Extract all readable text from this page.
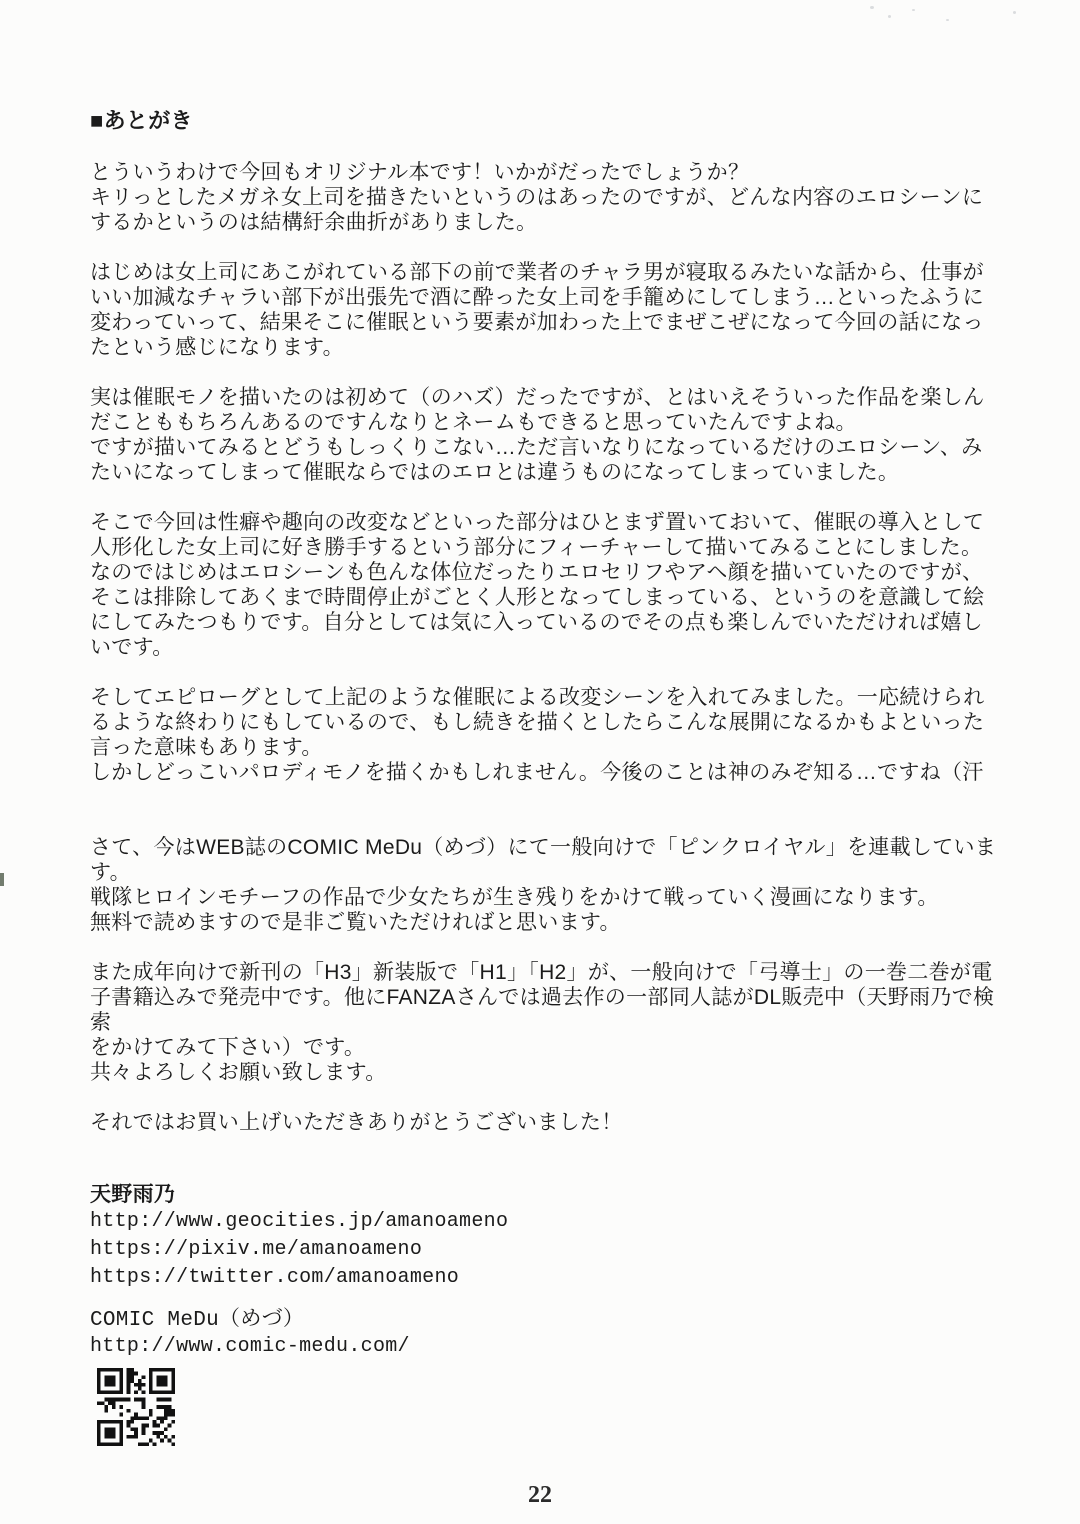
■あとがき
とういうわけで今回もオリジナル本です！いかがだったでしょうか？
キリっとしたメガネ女上司を描きたいというのはあったのですが、どんな内容のエロシーンに
するかというのは結構紆余曲折がありました。
はじめは女上司にあこがれている部下の前で業者のチャラ男が寝取るみたいな話から、仕事が
いい加減なチャラい部下が出張先で酒に酔った女上司を手籠めにしてしまう…といったふうに
変わっていって、結果そこに催眠という要素が加わった上でまぜこぜになって今回の話になっ
たという感じになります。
実は催眠モノを描いたのは初めて（のハズ）だったですが、とはいえそういった作品を楽しん
だことももちろんあるのですんなりとネームもできると思っていたんですよね。
ですが描いてみるとどうもしっくりこない…ただ言いなりになっているだけのエロシーン、み
たいになってしまって催眠ならではのエロとは違うものになってしまっていました。
そこで今回は性癖や趣向の改変などといった部分はひとまず置いておいて、催眠の導入として
人形化した女上司に好き勝手するという部分にフィーチャーして描いてみることにしました。
なのではじめはエロシーンも色んな体位だったりエロセリフやアヘ顔を描いていたのですが、
そこは排除してあくまで時間停止がごとく人形となってしまっている、というのを意識して絵
にしてみたつもりです。自分としては気に入っているのでその点も楽しんでいただければ嬉し
いです。
そしてエピローグとして上記のような催眠による改変シーンを入れてみました。一応続けられ
るような終わりにもしているので、もし続きを描くとしたらこんな展開になるかもよといった
言った意味もあります。
しかしどっこいパロディモノを描くかもしれません。今後のことは神のみぞ知る…ですね（汗
さて、今はWEB誌のCOMIC MeDu（めづ）にて一般向けで「ピンクロイヤル」を連載しています。
戦隊ヒロインモチーフの作品で少女たちが生き残りをかけて戦っていく漫画になります。
無料で読めますので是非ご覧いただければと思います。
また成年向けで新刊の「H3」新装版で「H1」「H2」が、一般向けで「弓導士」の一巻二巻が電
子書籍込みで発売中です。他にFANZAさんでは過去作の一部同人誌がDL販売中（天野雨乃で検索
をかけてみて下さい）です。
共々よろしくお願い致します。
それではお買い上げいただきありがとうございました！
天野雨乃
http://www.geocities.jp/amanoameno
https://pixiv.me/amanoameno
https://twitter.com/amanoameno
COMIC MeDu（めづ）
http://www.comic-medu.com/
22
